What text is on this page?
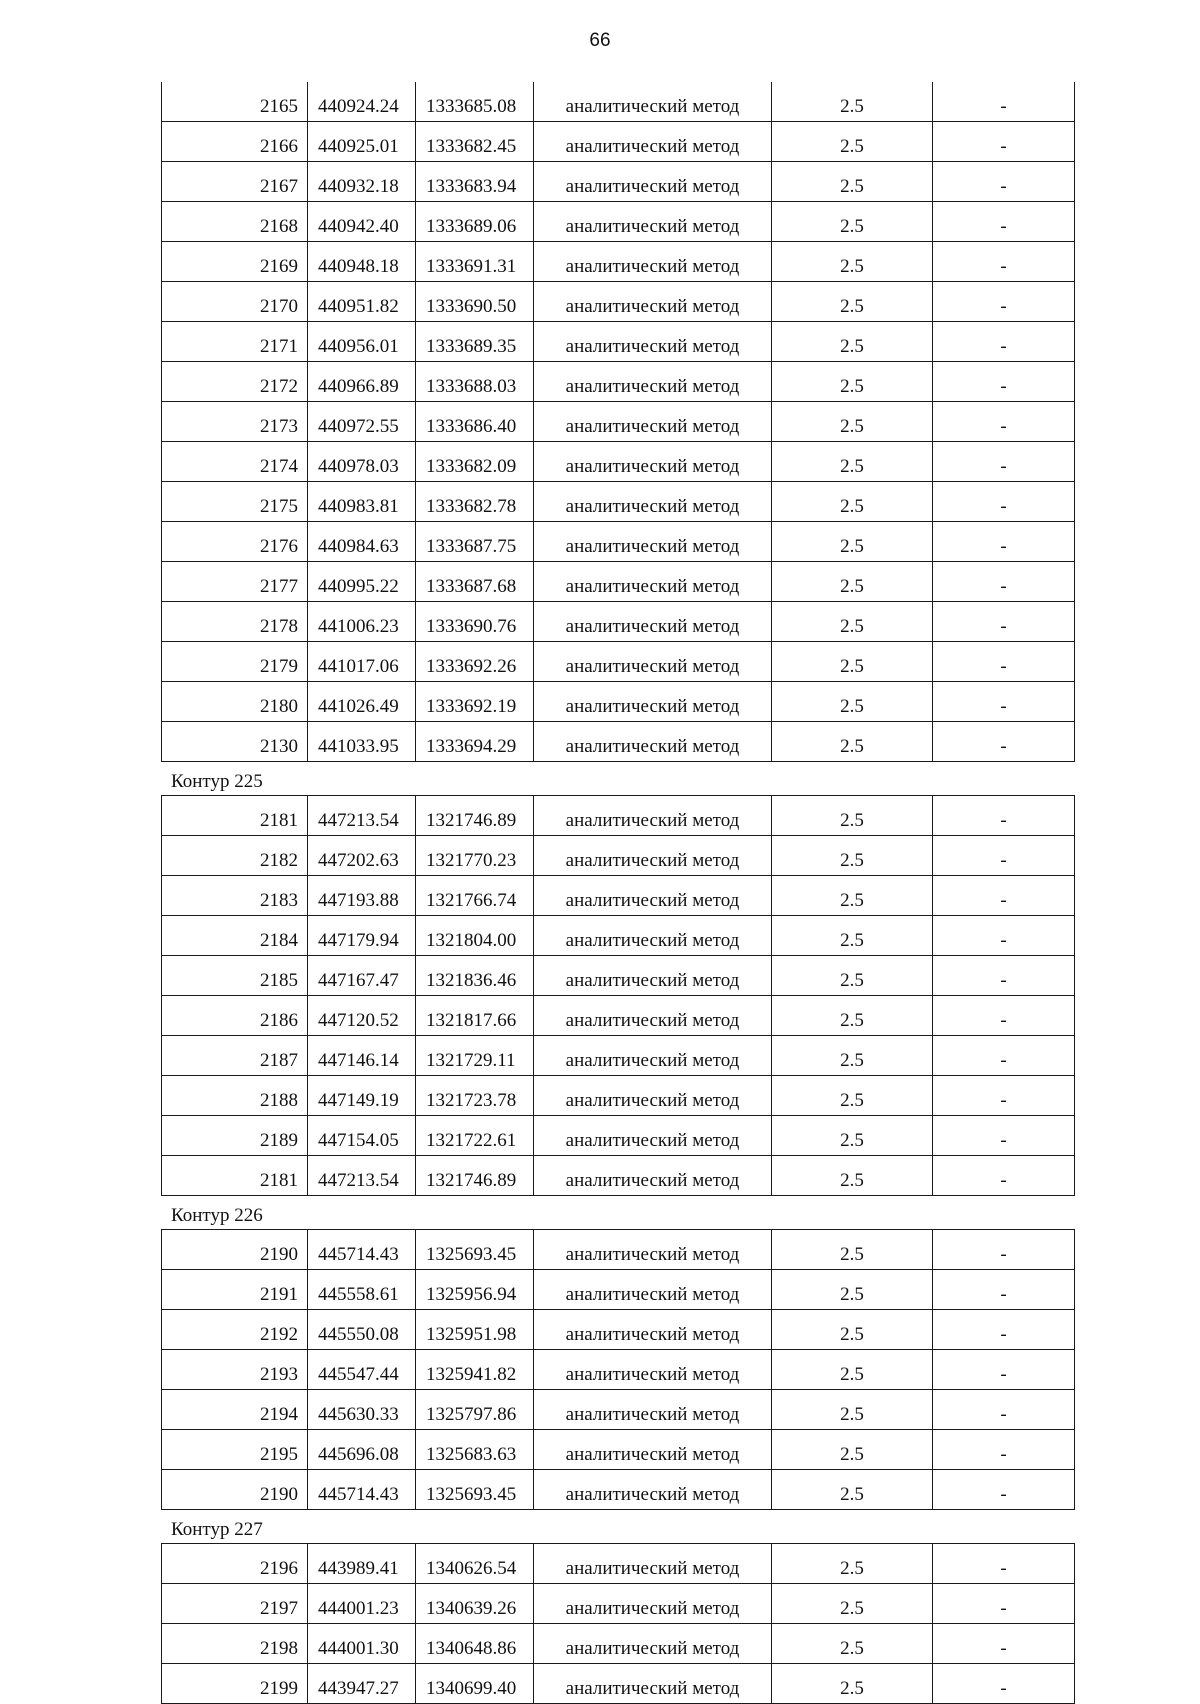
66
2165	440924.24	1333685.08	аналитический метод	2.5	-
2166	440925.01	1333682.45	аналитический метод	2.5	-
2167	440932.18	1333683.94	аналитический метод	2.5	-
2168	440942.40	1333689.06	аналитический метод	2.5	-
2169	440948.18	1333691.31	аналитический метод	2.5	-
2170	440951.82	1333690.50	аналитический метод	2.5	-
2171	440956.01	1333689.35	аналитический метод	2.5	-
2172	440966.89	1333688.03	аналитический метод	2.5	-
2173	440972.55	1333686.40	аналитический метод	2.5	-
2174	440978.03	1333682.09	аналитический метод	2.5	-
2175	440983.81	1333682.78	аналитический метод	2.5	-
2176	440984.63	1333687.75	аналитический метод	2.5	-
2177	440995.22	1333687.68	аналитический метод	2.5	-
2178	441006.23	1333690.76	аналитический метод	2.5	-
2179	441017.06	1333692.26	аналитический метод	2.5	-
2180	441026.49	1333692.19	аналитический метод	2.5	-
2130	441033.95	1333694.29	аналитический метод	2.5	-
Контур 225
2181	447213.54	1321746.89	аналитический метод	2.5	-
2182	447202.63	1321770.23	аналитический метод	2.5	-
2183	447193.88	1321766.74	аналитический метод	2.5	-
2184	447179.94	1321804.00	аналитический метод	2.5	-
2185	447167.47	1321836.46	аналитический метод	2.5	-
2186	447120.52	1321817.66	аналитический метод	2.5	-
2187	447146.14	1321729.11	аналитический метод	2.5	-
2188	447149.19	1321723.78	аналитический метод	2.5	-
2189	447154.05	1321722.61	аналитический метод	2.5	-
2181	447213.54	1321746.89	аналитический метод	2.5	-
Контур 226
2190	445714.43	1325693.45	аналитический метод	2.5	-
2191	445558.61	1325956.94	аналитический метод	2.5	-
2192	445550.08	1325951.98	аналитический метод	2.5	-
2193	445547.44	1325941.82	аналитический метод	2.5	-
2194	445630.33	1325797.86	аналитический метод	2.5	-
2195	445696.08	1325683.63	аналитический метод	2.5	-
2190	445714.43	1325693.45	аналитический метод	2.5	-
Контур 227
2196	443989.41	1340626.54	аналитический метод	2.5	-
2197	444001.23	1340639.26	аналитический метод	2.5	-
2198	444001.30	1340648.86	аналитический метод	2.5	-
2199	443947.27	1340699.40	аналитический метод	2.5	-
